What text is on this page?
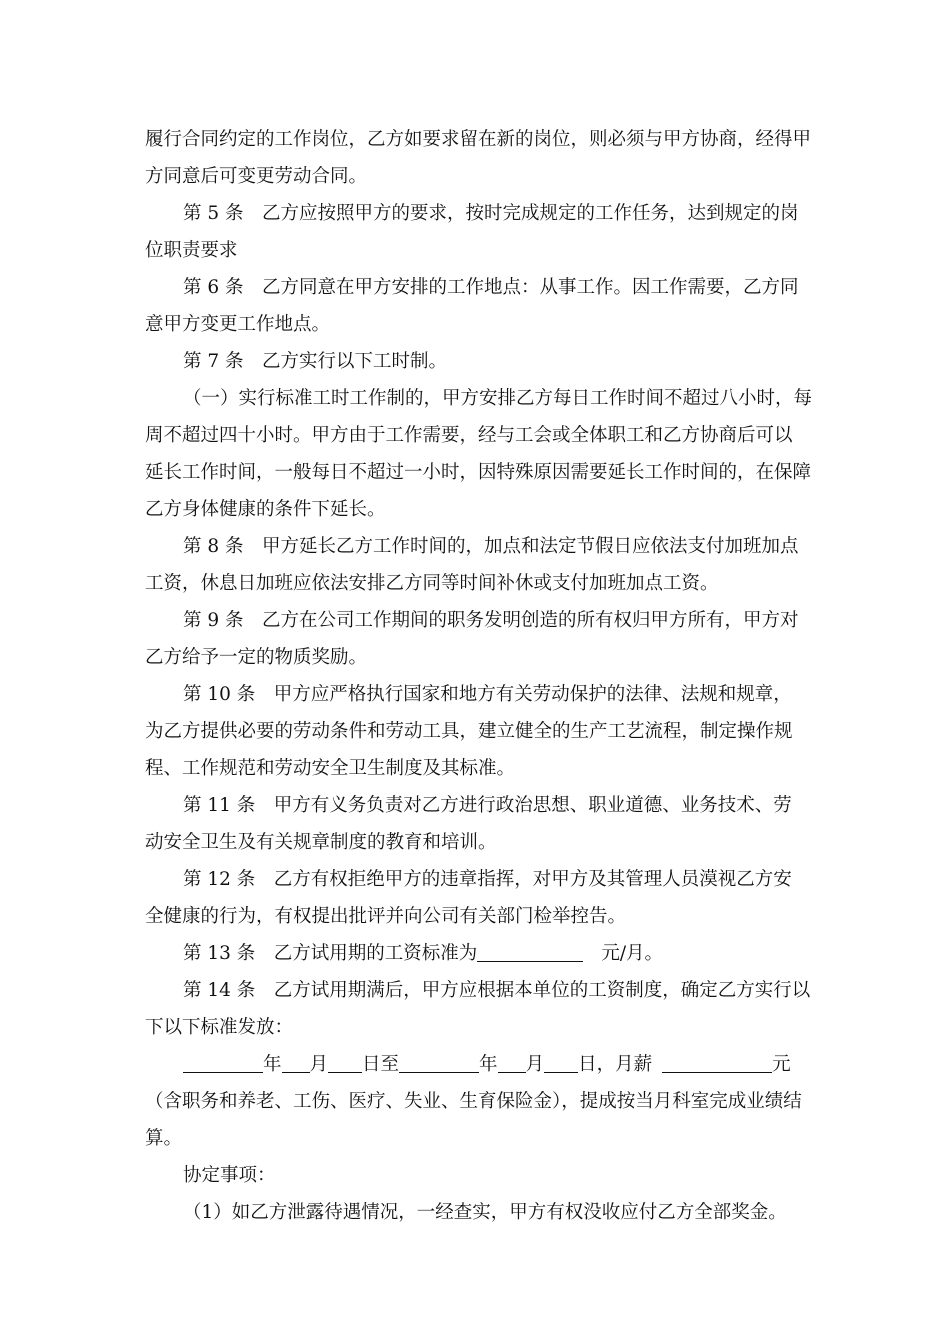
履行合同约定的工作岗位，乙方如要求留在新的岗位，则必须与甲方协商，经得甲
方同意后可变更劳动合同。
第 5 条　乙方应按照甲方的要求，按时完成规定的工作任务，达到规定的岗
位职责要求
第 6 条　乙方同意在甲方安排的工作地点：从事工作。因工作需要，乙方同
意甲方变更工作地点。
第 7 条　乙方实行以下工时制。
（一）实行标准工时工作制的，甲方安排乙方每日工作时间不超过八小时，每
周不超过四十小时。甲方由于工作需要，经与工会或全体职工和乙方协商后可以
延长工作时间，一般每日不超过一小时，因特殊原因需要延长工作时间的，在保障
乙方身体健康的条件下延长。
第 8 条　甲方延长乙方工作时间的，加点和法定节假日应依法支付加班加点
工资，休息日加班应依法安排乙方同等时间补休或支付加班加点工资。
第 9 条　乙方在公司工作期间的职务发明创造的所有权归甲方所有，甲方对
乙方给予一定的物质奖励。
第 10 条　甲方应严格执行国家和地方有关劳动保护的法律、法规和规章，
为乙方提供必要的劳动条件和劳动工具，建立健全的生产工艺流程，制定操作规
程、工作规范和劳动安全卫生制度及其标准。
第 11 条　甲方有义务负责对乙方进行政治思想、职业道德、业务技术、劳
动安全卫生及有关规章制度的教育和培训。
第 12 条　乙方有权拒绝甲方的违章指挥，对甲方及其管理人员漠视乙方安
全健康的行为，有权提出批评并向公司有关部门检举控告。
第 13 条　乙方试用期的工资标准为	元/月。
第 14 条　乙方试用期满后，甲方应根据本单位的工资制度，确定乙方实行以
下以下标准发放：
年 月 日至	年 月 日，月薪	元
（含职务和养老、工伤、医疗、失业、生育保险金），提成按当月科室完成业绩结
算。
协定事项：
（1）如乙方泄露待遇情况，一经查实，甲方有权没收应付乙方全部奖金。
